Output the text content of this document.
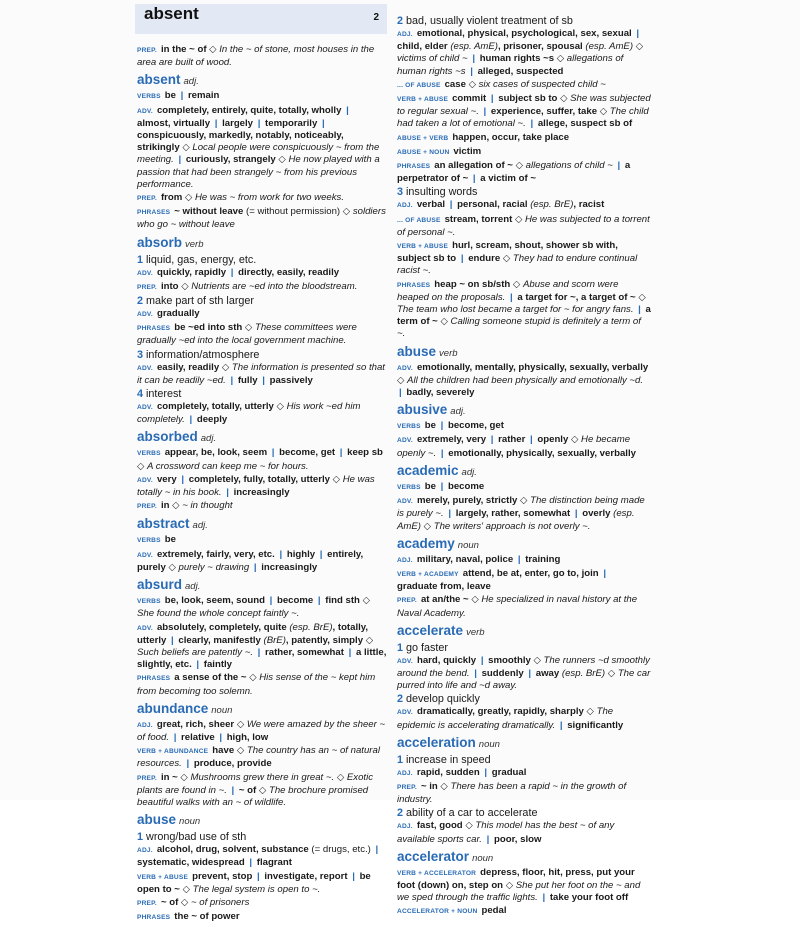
absent	2
PREP. in the ~ of ◇ In the ~ of stone, most houses in the area are built of wood.
absent adj.
VERBS be | remain
ADV. completely, entirely, quite, totally, wholly | almost, virtually | largely | temporarily | conspicuously, markedly, notably, noticeably, strikingly ◇ Local people were conspicuously ~ from the meeting. | curiously, strangely ◇ He now played with a passion that had been strangely ~ from his previous performance.
PREP. from ◇ He was ~ from work for two weeks.
PHRASES ~ without leave (= without permission) ◇ soldiers who go ~ without leave
absorb verb
1 liquid, gas, energy, etc.
ADV. quickly, rapidly | directly, easily, readily
PREP. into ◇ Nutrients are ~ed into the bloodstream.
2 make part of sth larger
ADV. gradually
PHRASES be ~ed into sth ◇ These committees were gradually ~ed into the local government machine.
3 information/atmosphere
ADV. easily, readily ◇ The information is presented so that it can be readily ~ed. | fully | passively
4 interest
ADV. completely, totally, utterly ◇ His work ~ed him completely. | deeply
absorbed adj.
VERBS appear, be, look, seem | become, get | keep sb ◇ A crossword can keep me ~ for hours.
ADV. very | completely, fully, totally, utterly ◇ He was totally ~ in his book. | increasingly
PREP. in ◇ ~ in thought
abstract adj.
VERBS be
ADV. extremely, fairly, very, etc. | highly | entirely, purely ◇ purely ~ drawing | increasingly
absurd adj.
VERBS be, look, seem, sound | become | find sth ◇ She found the whole concept faintly ~.
ADV. absolutely, completely, quite (esp. BrE), totally, utterly | clearly, manifestly (BrE), patently, simply ◇ Such beliefs are patently ~. | rather, somewhat | a little, slightly, etc. | faintly
PHRASES a sense of the ~ ◇ His sense of the ~ kept him from becoming too solemn.
abundance noun
ADJ. great, rich, sheer ◇ We were amazed by the sheer ~ of food. | relative | high, low
VERB + ABUNDANCE have ◇ The country has an ~ of natural resources. | produce, provide
PREP. in ~ ◇ Mushrooms grew there in great ~. ◇ Exotic plants are found in ~. | ~ of ◇ The brochure promised beautiful walks with an ~ of wildlife.
abuse noun
1 wrong/bad use of sth
ADJ. alcohol, drug, solvent, substance (= drugs, etc.) | systematic, widespread | flagrant
VERB + ABUSE prevent, stop | investigate, report | be open to ~ ◇ The legal system is open to ~.
PREP. ~ of ◇ ~ of prisoners
PHRASES the ~ of power
2 bad, usually violent treatment of sb
ADJ. emotional, physical, psychological, sex, sexual | child, elder (esp. AmE), prisoner, spousal (esp. AmE) ◇ victims of child ~ | human rights ~s ◇ allegations of human rights ~s | alleged, suspected
... OF ABUSE case ◇ six cases of suspected child ~
VERB + ABUSE commit | subject sb to ◇ She was subjected to regular sexual ~. | experience, suffer, take ◇ The child had taken a lot of emotional ~. | allege, suspect sb of
ABUSE + VERB happen, occur, take place
ABUSE + NOUN victim
PHRASES an allegation of ~ ◇ allegations of child ~ | a perpetrator of ~ | a victim of ~
3 insulting words
ADJ. verbal | personal, racial (esp. BrE), racist
... OF ABUSE stream, torrent ◇ He was subjected to a torrent of personal ~.
VERB + ABUSE hurl, scream, shout, shower sb with, subject sb to | endure ◇ They had to endure continual racist ~.
PHRASES heap ~ on sb/sth ◇ Abuse and scorn were heaped on the proposals. | a target for ~, a target of ~ ◇ The team who lost became a target for ~ for angry fans. | a term of ~ ◇ Calling someone stupid is definitely a term of ~.
abuse verb
ADV. emotionally, mentally, physically, sexually, verbally ◇ All the children had been physically and emotionally ~d. | badly, severely
abusive adj.
VERBS be | become, get
ADV. extremely, very | rather | openly ◇ He became openly ~. | emotionally, physically, sexually, verbally
academic adj.
VERBS be | become
ADV. merely, purely, strictly ◇ The distinction being made is purely ~. | largely, rather, somewhat | overly (esp. AmE) ◇ The writers' approach is not overly ~.
academy noun
ADJ. military, naval, police | training
VERB + ACADEMY attend, be at, enter, go to, join | graduate from, leave
PREP. at an/the ~ ◇ He specialized in naval history at the Naval Academy.
accelerate verb
1 go faster
ADV. hard, quickly | smoothly ◇ The runners ~d smoothly around the bend. | suddenly | away (esp. BrE) ◇ The car purred into life and ~d away.
2 develop quickly
ADV. dramatically, greatly, rapidly, sharply ◇ The epidemic is accelerating dramatically. | significantly
acceleration noun
1 increase in speed
ADJ. rapid, sudden | gradual
PREP. ~ in ◇ There has been a rapid ~ in the growth of industry.
2 ability of a car to accelerate
ADJ. fast, good ◇ This model has the best ~ of any available sports car. | poor, slow
accelerator noun
VERB + ACCELERATOR depress, floor, hit, press, put your foot (down) on, step on ◇ She put her foot on the ~ and we sped through the traffic lights. | take your foot off
ACCELERATOR + NOUN pedal
